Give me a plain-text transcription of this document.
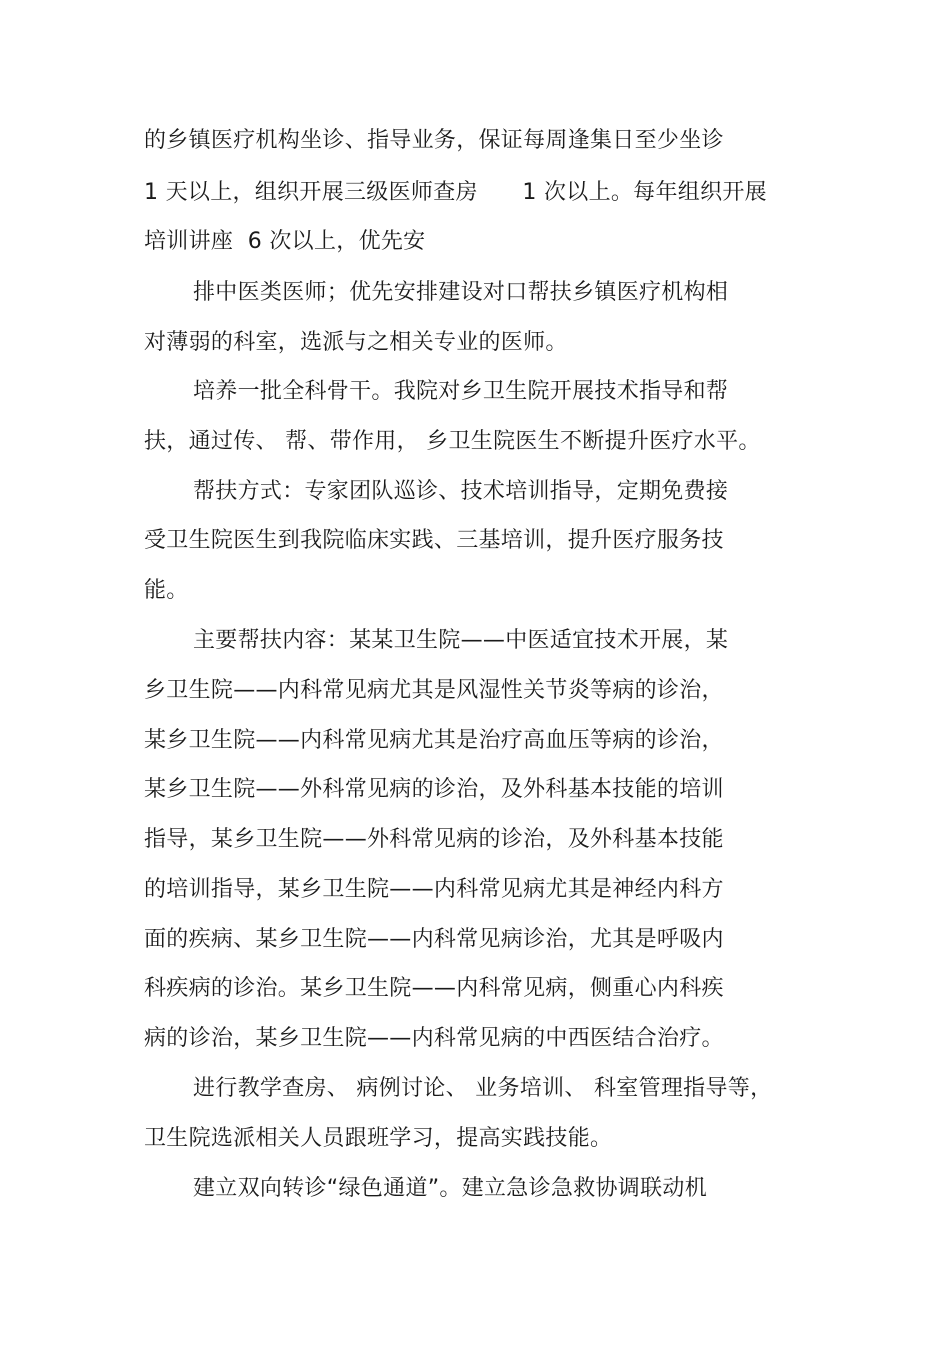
的乡镇医疗机构坐诊、指导业务，保证每周逢集日至少坐诊
1 天以上，组织开展三级医师查房　　1 次以上。每年组织开展
培训讲座  6 次以上，优先安
排中医类医师；优先安排建设对口帮扶乡镇医疗机构相
对薄弱的科室，选派与之相关专业的医师。
培养一批全科骨干。我院对乡卫生院开展技术指导和帮
扶，通过传、 帮、带作用， 乡卫生院医生不断提升医疗水平。
帮扶方式：专家团队巡诊、技术培训指导，定期免费接
受卫生院医生到我院临床实践、三基培训，提升医疗服务技
能。
主要帮扶内容：某某卫生院——中医适宜技术开展，某
乡卫生院——内科常见病尤其是风湿性关节炎等病的诊治，
某乡卫生院——内科常见病尤其是治疗高血压等病的诊治，
某乡卫生院——外科常见病的诊治，及外科基本技能的培训
指导，某乡卫生院——外科常见病的诊治，及外科基本技能
的培训指导，某乡卫生院——内科常见病尤其是神经内科方
面的疾病、某乡卫生院——内科常见病诊治，尤其是呼吸内
科疾病的诊治。某乡卫生院——内科常见病，侧重心内科疾
病的诊治，某乡卫生院——内科常见病的中西医结合治疗。
进行教学查房、 病例讨论、 业务培训、 科室管理指导等，
卫生院选派相关人员跟班学习，提高实践技能。
建立双向转诊“绿色通道”。建立急诊急救协调联动机
